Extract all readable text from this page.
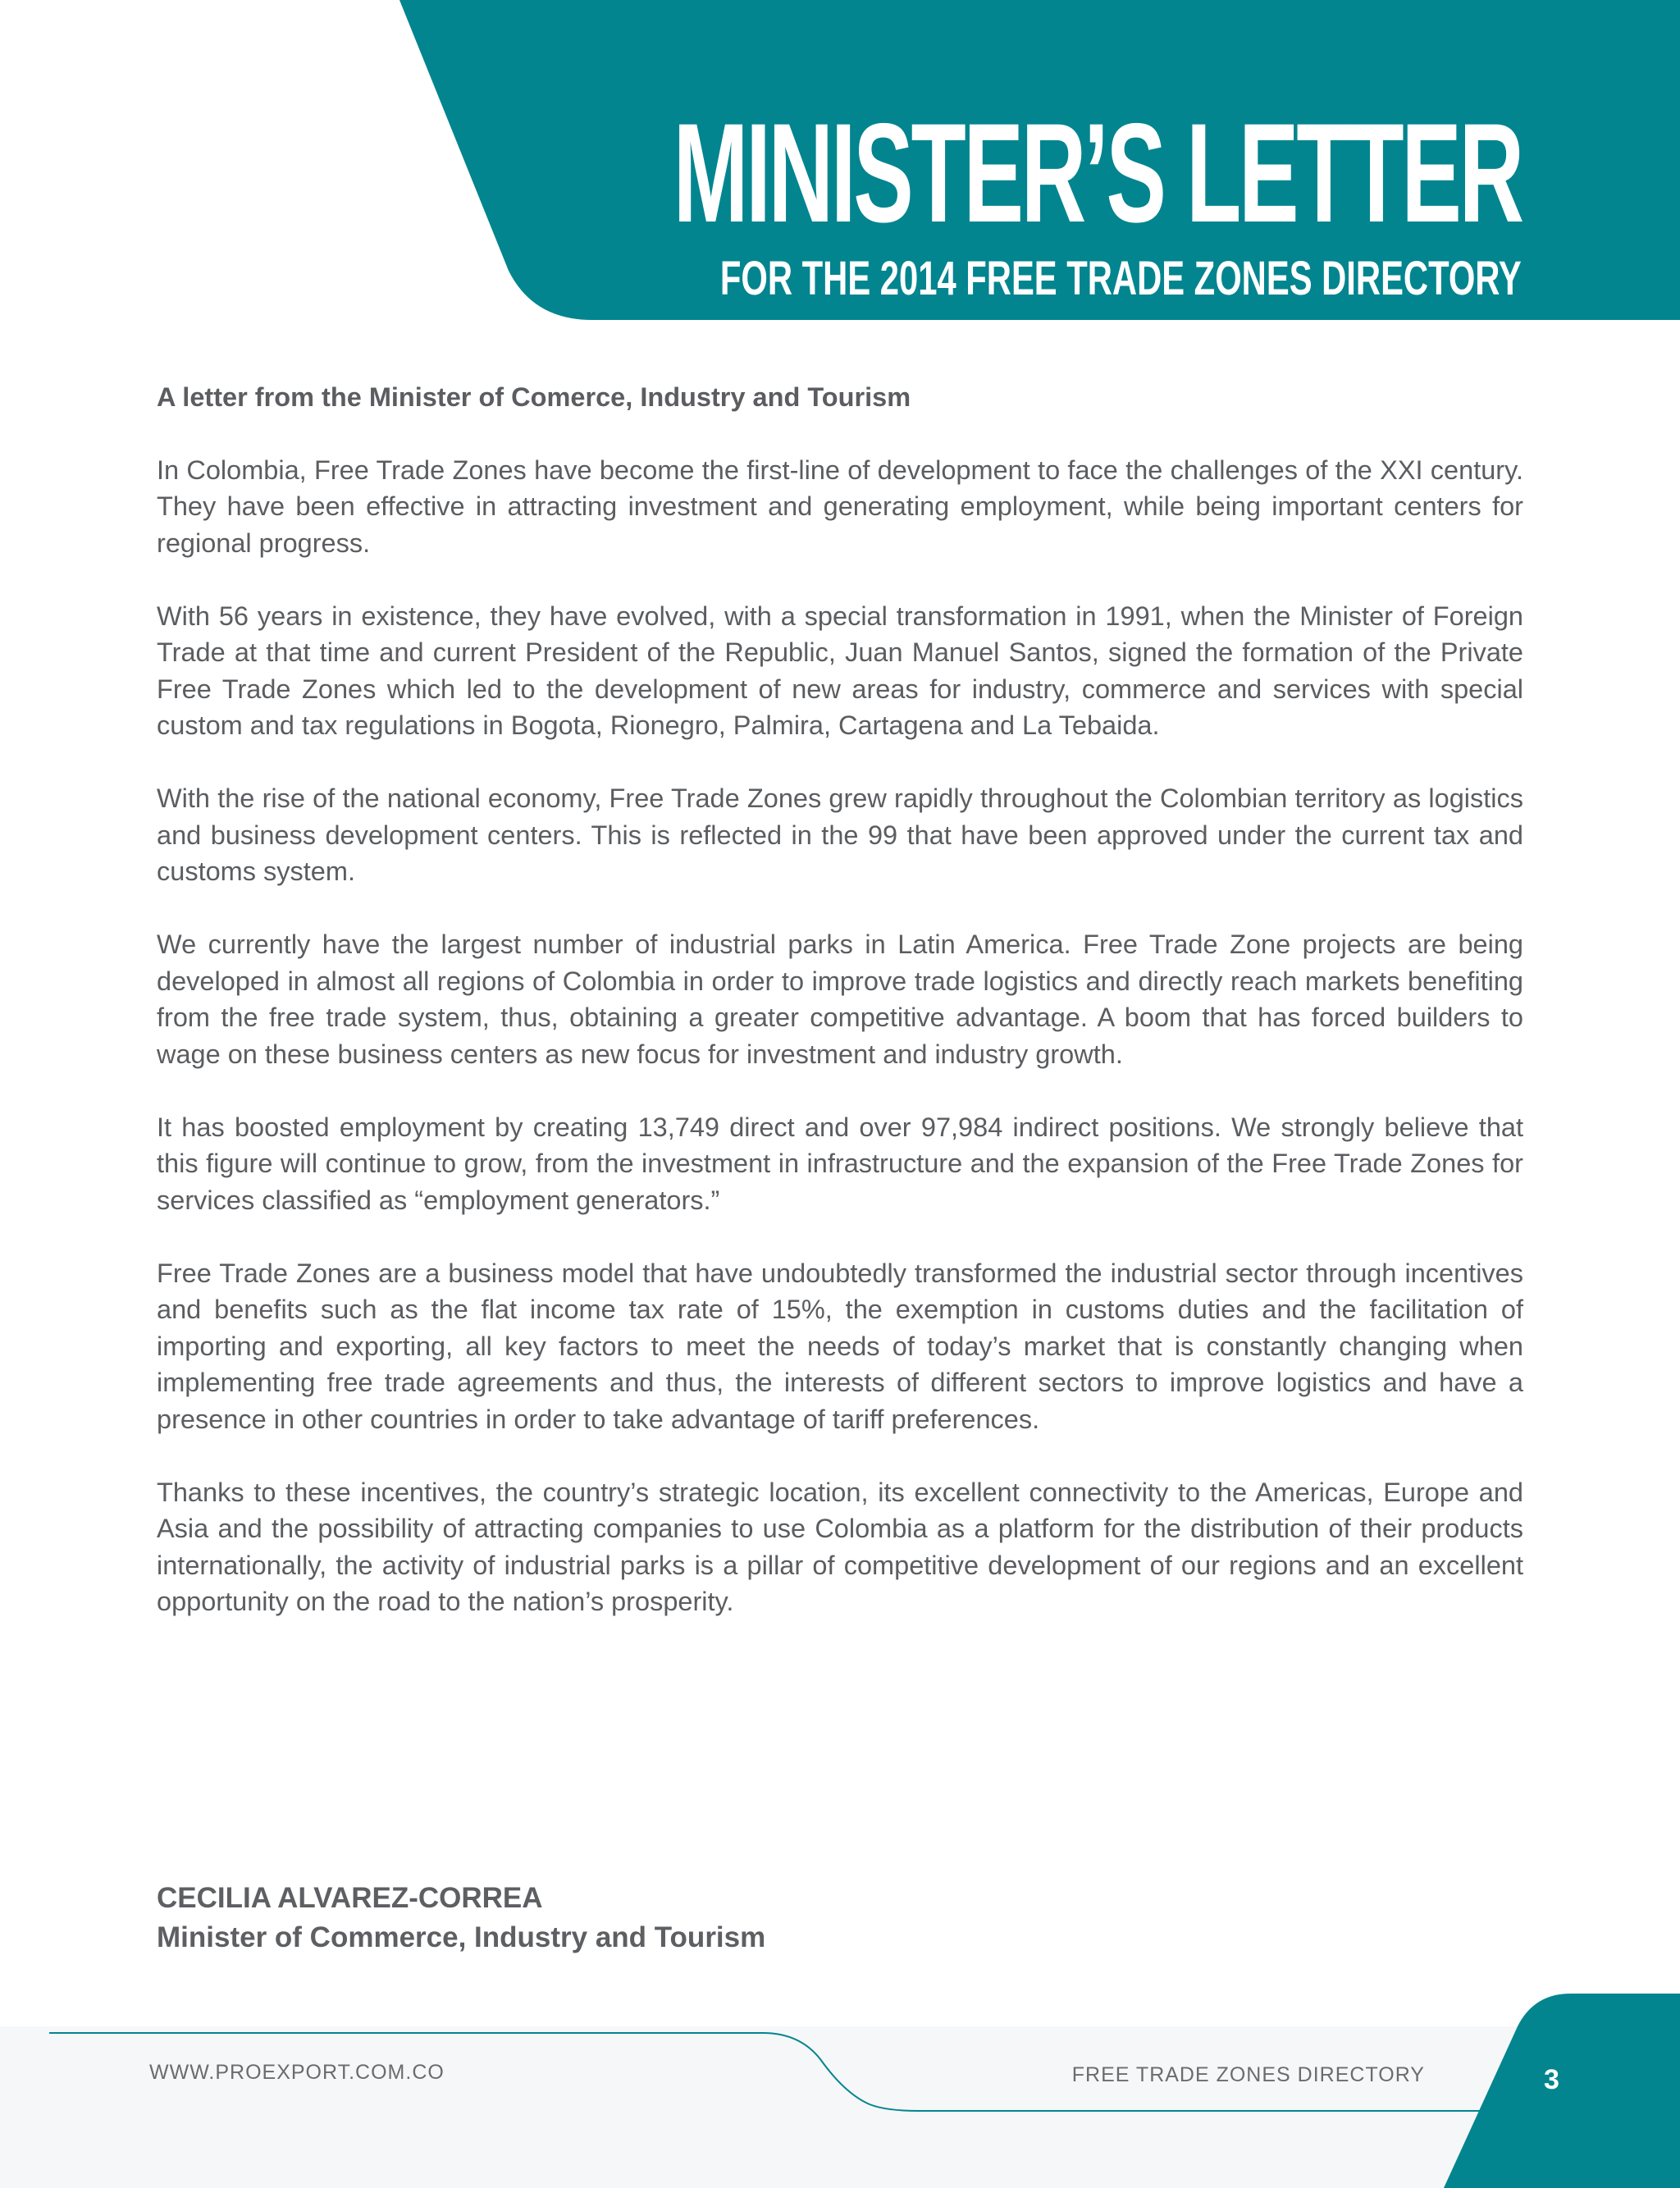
MINISTER’S LETTER
FOR THE 2014 FREE TRADE ZONES DIRECTORY

A letter from the Minister of Comerce, Industry and Tourism

In Colombia, Free Trade Zones have become the first-line of development to face the challenges of the XXI century. They have been effective in attracting investment and generating employment, while being important centers for regional progress.

With 56 years in existence, they have evolved, with a special transformation in 1991, when the Minister of Foreign Trade at that time and current President of the Republic, Juan Manuel Santos, signed the formation of the Private Free Trade Zones which led to the development of new areas for industry, commerce and services with special custom and tax regulations in Bogota, Rionegro, Palmira, Cartagena and La Tebaida.

With the rise of the national economy, Free Trade Zones grew rapidly throughout the Colombian territory as logistics and business development centers. This is reflected in the 99 that have been approved under the current tax and customs system.

We currently have the largest number of industrial parks in Latin America. Free Trade Zone projects are being developed in almost all regions of Colombia in order to improve trade logistics and directly reach markets benefiting from the free trade system, thus, obtaining a greater competitive advantage. A boom that has forced builders to wage on these business centers as new focus for investment and industry growth.

It has boosted employment by creating 13,749 direct and over 97,984 indirect positions. We strongly believe that this figure will continue to grow, from the investment in infrastructure and the expansion of the Free Trade Zones for services classified as “employment generators.”

Free Trade Zones are a business model that have undoubtedly transformed the industrial sector through incentives and benefits such as the flat income tax rate of 15%, the exemption in customs duties and the facilitation of importing and exporting, all key factors to meet the needs of today’s market that is constantly changing when implementing free trade agreements and thus, the interests of different sectors to improve logistics and have a presence in other countries in order to take advantage of tariff preferences.

Thanks to these incentives, the country’s strategic location, its excellent connectivity to the Americas, Europe and Asia and the possibility of attracting companies to use Colombia as a platform for the distribution of their products internationally, the activity of industrial parks is a pillar of competitive development of our regions and an excellent opportunity on the road to the nation’s prosperity.

CECILIA ALVAREZ-CORREA

Minister of Commerce, Industry and Tourism

WWW.PROEXPORT.COM.CO	FREE TRADE ZONES DIRECTORY	3
